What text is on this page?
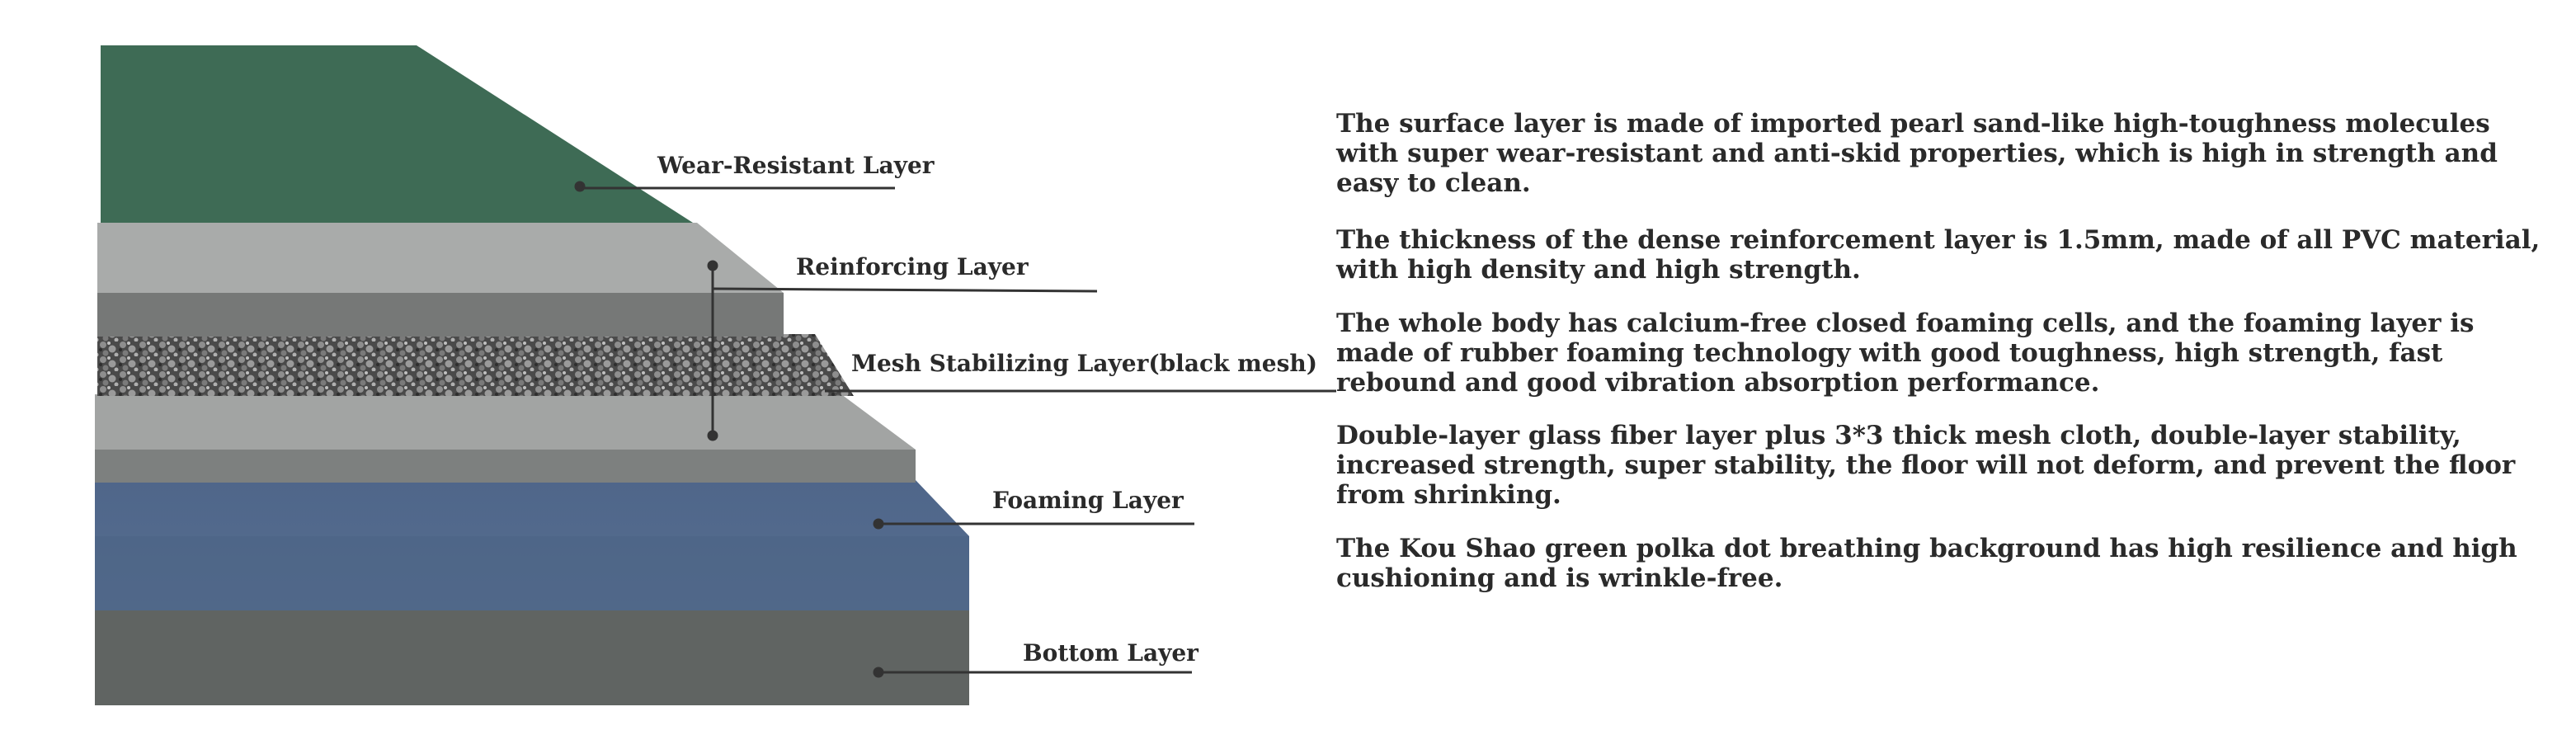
Wear-Resistant Layer
Reinforcing Layer
Mesh Stabilizing Layer(black mesh)
Foaming Layer
Bottom Layer

The surface layer is made of imported pearl sand-like high-toughness molecules with super wear-resistant and anti-skid properties, which is high in strength and easy to clean.

The thickness of the dense reinforcement layer is 1.5mm, made of all PVC material, with high density and high strength.

The whole body has calcium-free closed foaming cells, and the foaming layer is made of rubber foaming technology with good toughness, high strength, fast rebound and good vibration absorption performance.

Double-layer glass fiber layer plus 3*3 thick mesh cloth, double-layer stability, increased strength, super stability, the floor will not deform, and prevent the floor from shrinking.

The Kou Shao green polka dot breathing background has high resilience and high cushioning and is wrinkle-free.
